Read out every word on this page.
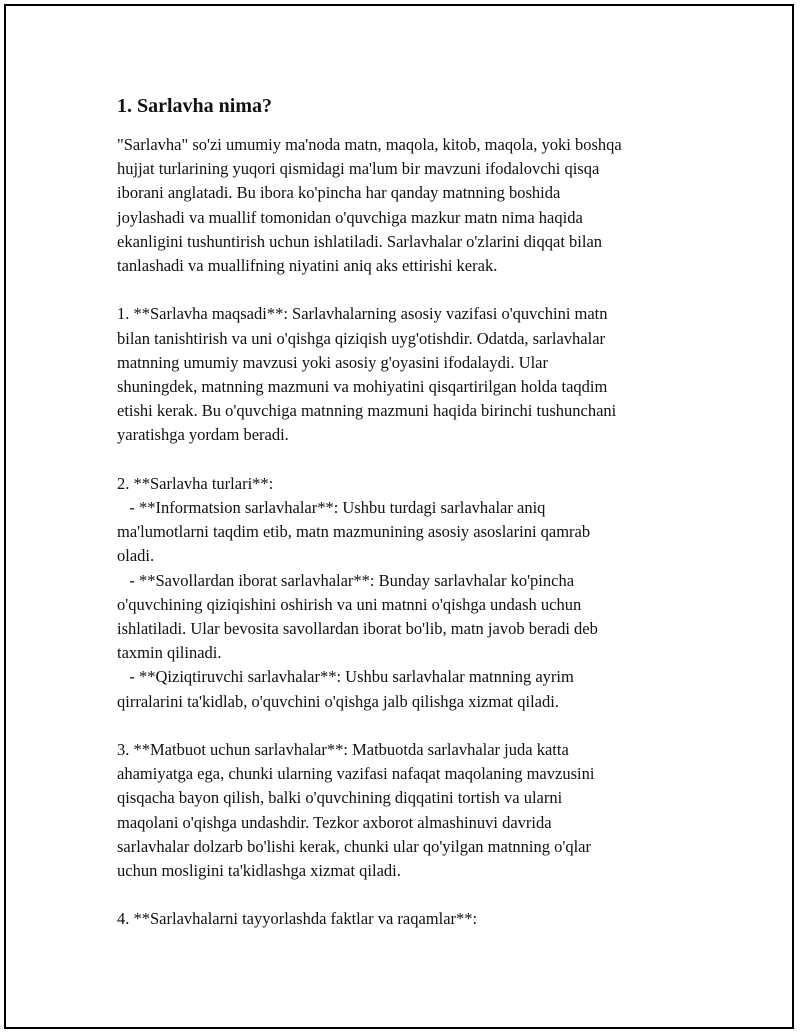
1. Sarlavha nima?

"Sarlavha" so'zi umumiy ma'noda matn, maqola, kitob, maqola, yoki boshqa
hujjat turlarining yuqori qismidagi ma'lum bir mavzuni ifodalovchi qisqa
iborani anglatadi. Bu ibora ko'pincha har qanday matnning boshida
joylashadi va muallif tomonidan o'quvchiga mazkur matn nima haqida
ekanligini tushuntirish uchun ishlatiladi. Sarlavhalar o'zlarini diqqat bilan
tanlashadi va muallifning niyatini aniq aks ettirishi kerak.

1. **Sarlavha maqsadi**: Sarlavhalarning asosiy vazifasi o'quvchini matn
bilan tanishtirish va uni o'qishga qiziqish uyg'otishdir. Odatda, sarlavhalar
matnning umumiy mavzusi yoki asosiy g'oyasini ifodalaydi. Ular
shuningdek, matnning mazmuni va mohiyatini qisqartirilgan holda taqdim
etishi kerak. Bu o'quvchiga matnning mazmuni haqida birinchi tushunchani
yaratishga yordam beradi.

2. **Sarlavha turlari**:
- **Informatsion sarlavhalar**: Ushbu turdagi sarlavhalar aniq
ma'lumotlarni taqdim etib, matn mazmunining asosiy asoslarini qamrab
oladi.
- **Savollardan iborat sarlavhalar**: Bunday sarlavhalar ko'pincha
o'quvchining qiziqishini oshirish va uni matnni o'qishga undash uchun
ishlatiladi. Ular bevosita savollardan iborat bo'lib, matn javob beradi deb
taxmin qilinadi.
- **Qiziqtiruvchi sarlavhalar**: Ushbu sarlavhalar matnning ayrim
qirralarini ta'kidlab, o'quvchini o'qishga jalb qilishga xizmat qiladi.

3. **Matbuot uchun sarlavhalar**: Matbuotda sarlavhalar juda katta
ahamiyatga ega, chunki ularning vazifasi nafaqat maqolaning mavzusini
qisqacha bayon qilish, balki o'quvchining diqqatini tortish va ularni
maqolani o'qishga undashdir. Tezkor axborot almashinuvi davrida
sarlavhalar dolzarb bo'lishi kerak, chunki ular qo'yilgan matnning o'qlar
uchun mosligini ta'kidlashga xizmat qiladi.

4. **Sarlavhalarni tayyorlashda faktlar va raqamlar**:
